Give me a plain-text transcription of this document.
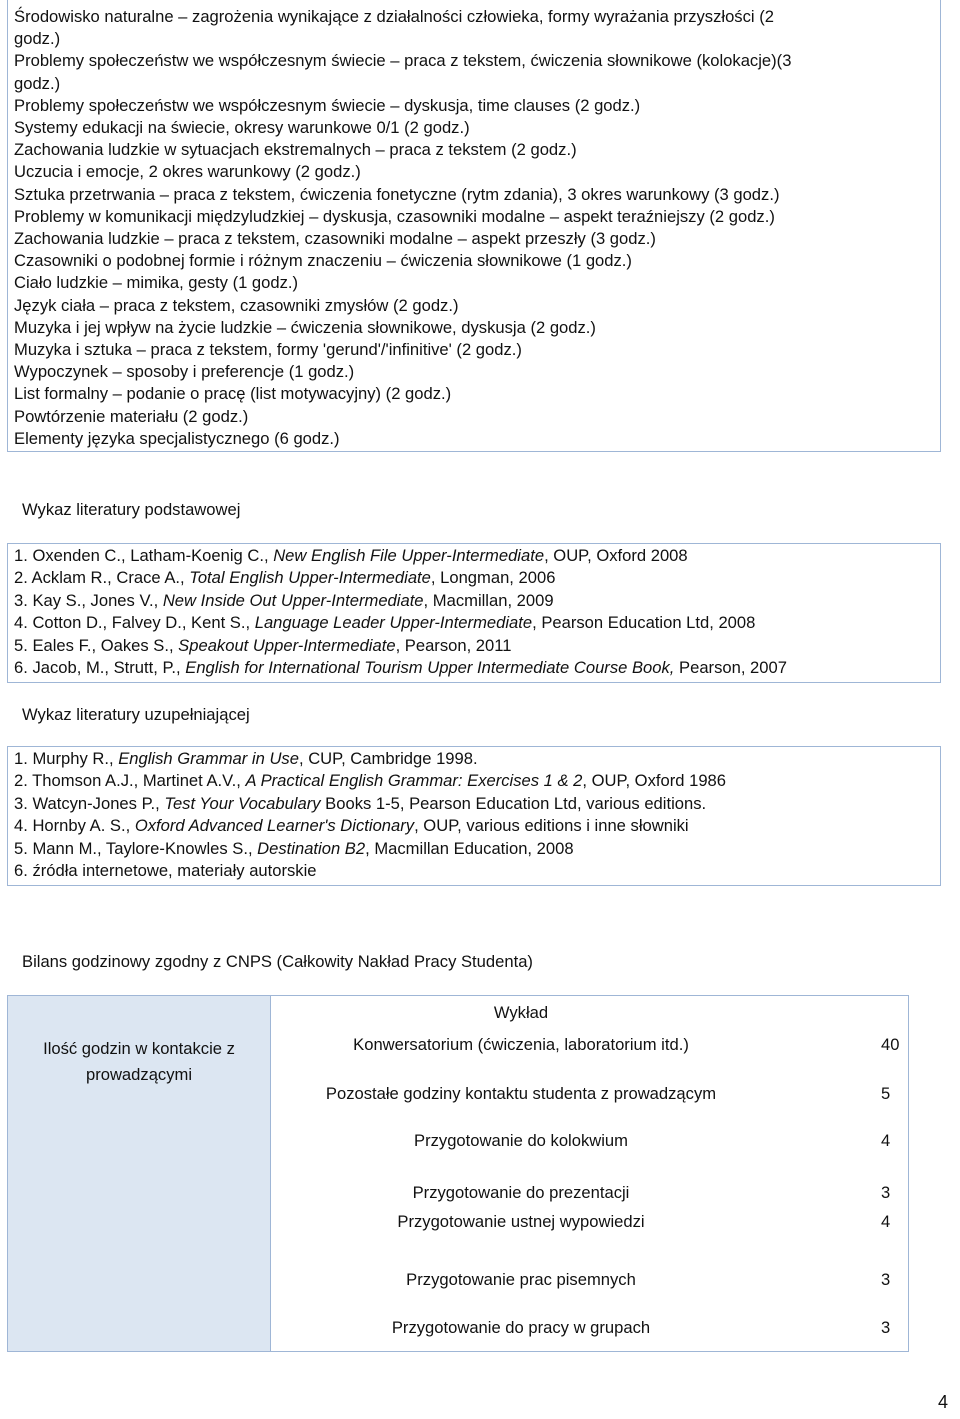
Środowisko naturalne – zagrożenia wynikające z działalności człowieka, formy wyrażania przyszłości (2
godz.)
Problemy społeczeństw we współczesnym świecie – praca z tekstem, ćwiczenia słownikowe (kolokacje)(3
godz.)
Problemy społeczeństw we współczesnym świecie – dyskusja, time clauses (2 godz.)
Systemy edukacji na świecie, okresy warunkowe 0/1 (2 godz.)
Zachowania ludzkie w sytuacjach ekstremalnych – praca z tekstem (2 godz.)
Uczucia i emocje, 2 okres warunkowy (2 godz.)
Sztuka przetrwania – praca z tekstem, ćwiczenia fonetyczne (rytm zdania), 3 okres warunkowy (3 godz.)
Problemy w komunikacji międzyludzkiej – dyskusja, czasowniki modalne – aspekt teraźniejszy (2 godz.)
Zachowania ludzkie – praca z tekstem, czasowniki modalne – aspekt przeszły (3 godz.)
Czasowniki o podobnej formie i różnym znaczeniu – ćwiczenia słownikowe (1 godz.)
Ciało ludzkie – mimika, gesty (1 godz.)
Język ciała – praca z tekstem, czasowniki zmysłów (2 godz.)
Muzyka i jej wpływ na życie ludzkie – ćwiczenia słownikowe, dyskusja (2 godz.)
Muzyka i sztuka – praca z tekstem, formy 'gerund'/'infinitive' (2 godz.)
Wypoczynek – sposoby i preferencje (1 godz.)
List formalny – podanie o pracę (list motywacyjny) (2 godz.)
Powtórzenie materiału (2 godz.)
Elementy języka specjalistycznego (6 godz.)
Wykaz literatury podstawowej
1. Oxenden C., Latham-Koenig C., New English File Upper-Intermediate, OUP, Oxford 2008
2. Acklam R., Crace A., Total English Upper-Intermediate, Longman, 2006
3. Kay S., Jones V., New Inside Out Upper-Intermediate, Macmillan, 2009
4. Cotton D., Falvey D., Kent S., Language Leader Upper-Intermediate, Pearson Education Ltd, 2008
5. Eales F., Oakes S., Speakout Upper-Intermediate, Pearson, 2011
6. Jacob, M., Strutt, P., English for International Tourism Upper Intermediate Course Book, Pearson, 2007
Wykaz literatury uzupełniającej
1. Murphy R., English Grammar in Use, CUP, Cambridge 1998.
2. Thomson A.J., Martinet A.V., A Practical English Grammar: Exercises 1 & 2, OUP, Oxford 1986
3. Watcyn-Jones P., Test Your Vocabulary Books 1-5, Pearson Education Ltd, various editions.
4. Hornby A. S., Oxford Advanced Learner's Dictionary, OUP, various editions i inne słowniki
5. Mann M., Taylore-Knowles S., Destination B2, Macmillan Education, 2008
6. źródła internetowe, materiały autorskie
Bilans godzinowy zgodny z CNPS (Całkowity Nakład Pracy Studenta)
Ilość godzin w kontakcie z prowadzącymi
Wykład
Konwersatorium (ćwiczenia, laboratorium itd.)	40
Pozostałe godziny kontaktu studenta z prowadzącym	5
Przygotowanie do kolokwium	4
Przygotowanie do prezentacji	3
Przygotowanie ustnej wypowiedzi	4
Przygotowanie prac pisemnych	3
Przygotowanie do pracy w grupach	3
4
